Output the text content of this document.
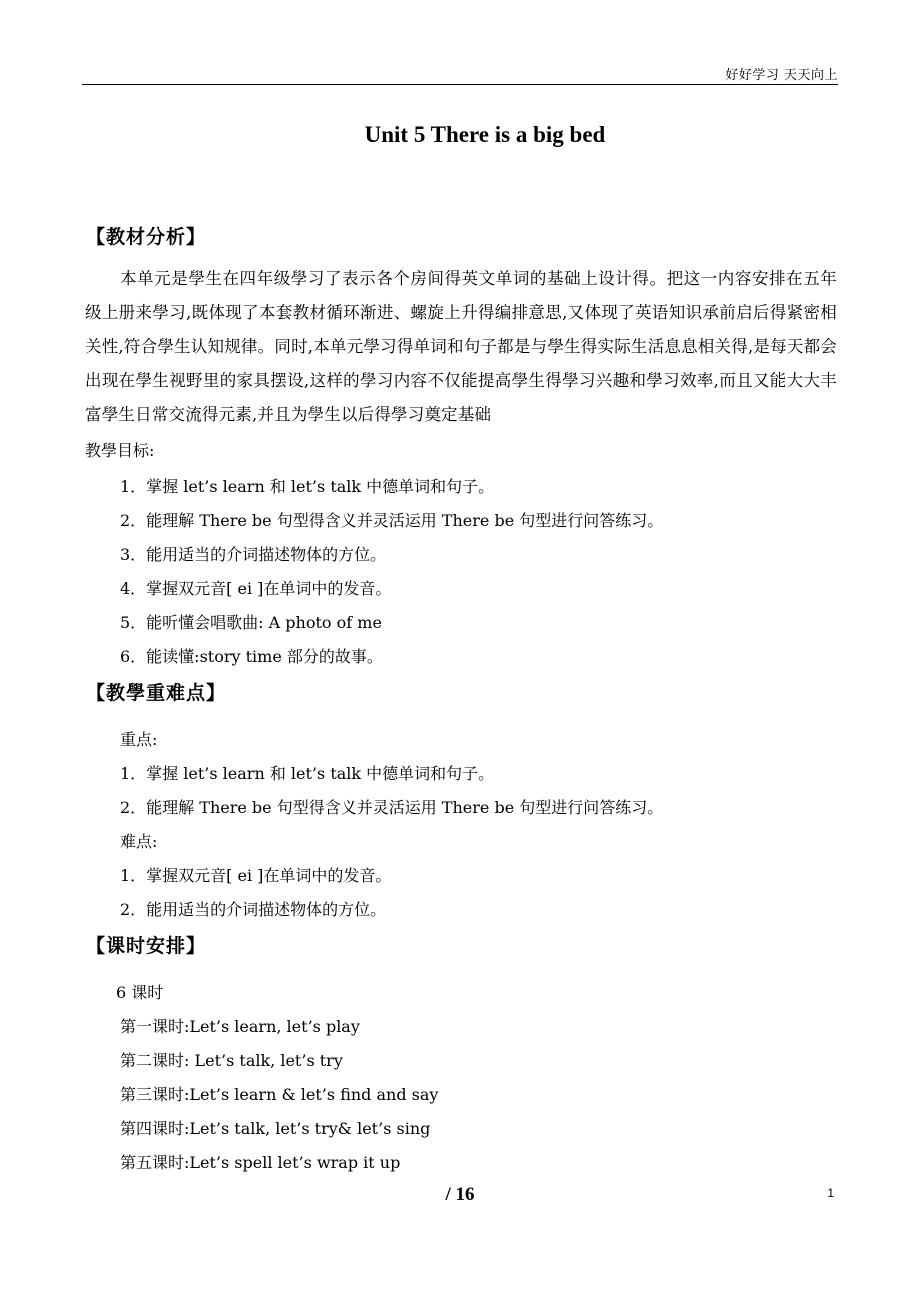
好好学习 天天向上
Unit 5 There is a big bed
【教材分析】
本单元是學生在四年级學习了表示各个房间得英文单词的基础上设计得。把这一内容安排在五年级上册来學习,既体现了本套教材循环渐进、螺旋上升得编排意思,又体现了英语知识承前启后得紧密相关性,符合學生认知规律。同时,本单元學习得单词和句子都是与學生得实际生活息息相关得,是每天都会出现在學生视野里的家具摆设,这样的學习内容不仅能提高學生得學习兴趣和學习效率,而且又能大大丰富學生日常交流得元素,并且为學生以后得學习奠定基础
教學目标:
1．掌握 let’s learn 和 let’s talk 中德单词和句子。
2．能理解 There be 句型得含义并灵活运用 There be 句型进行问答练习。
3．能用适当的介词描述物体的方位。
4．掌握双元音[ ei ]在单词中的发音。
5．能听懂会唱歌曲: A photo of me
6．能读懂:story time 部分的故事。
【教學重难点】
重点:
1．掌握 let’s learn 和 let’s talk 中德单词和句子。
2．能理解 There be 句型得含义并灵活运用 There be 句型进行问答练习。
难点:
1．掌握双元音[ ei ]在单词中的发音。
2．能用适当的介词描述物体的方位。
【课时安排】
6 课时
第一课时:Let’s learn, let’s play
第二课时: Let’s talk, let’s try
第三课时:Let’s learn & let’s find and say
第四课时:Let’s talk, let’s try& let’s sing
第五课时:Let’s spell let’s wrap it up
/ 16	1
